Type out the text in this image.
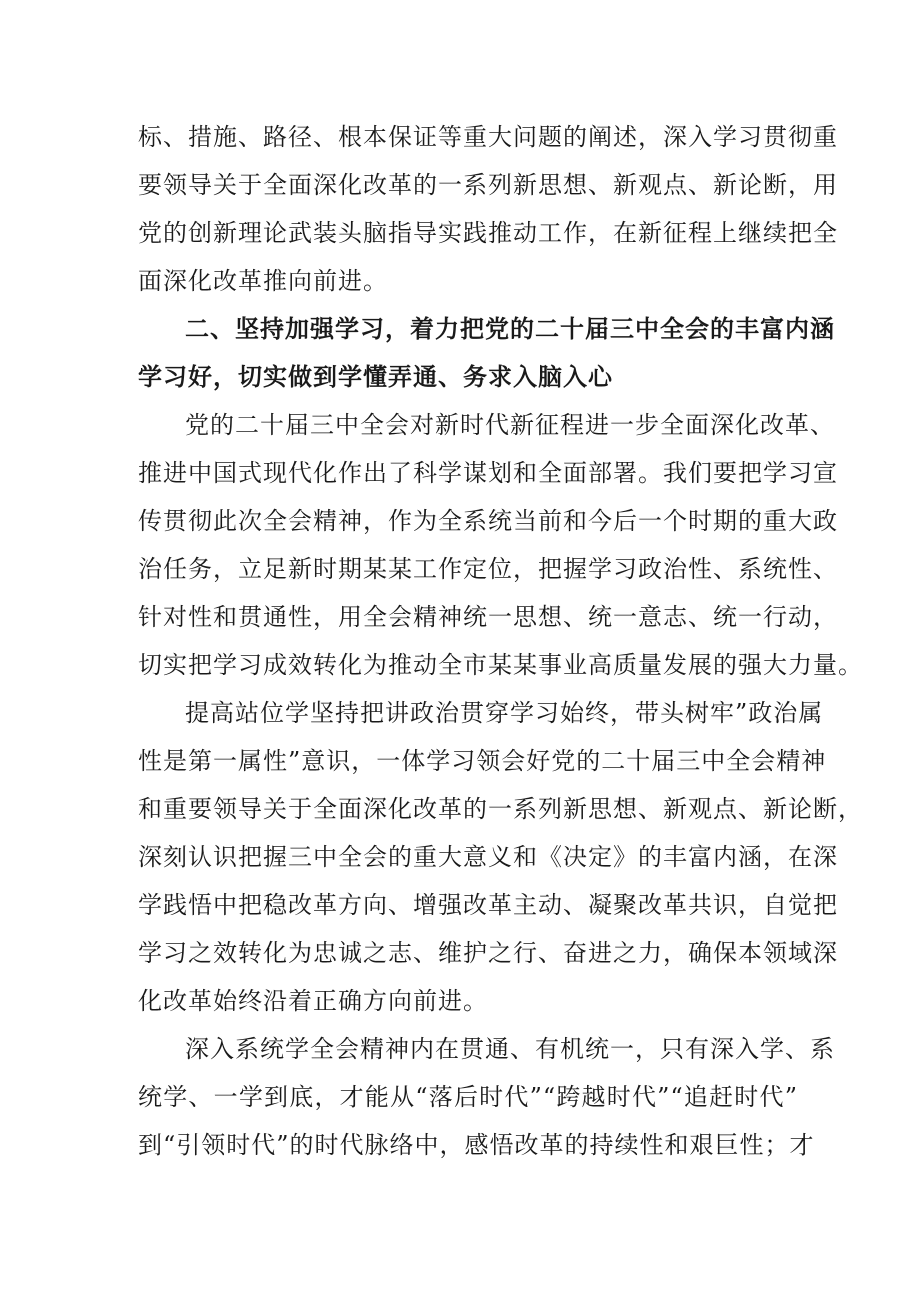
标、措施、路径、根本保证等重大问题的阐述，深入学习贯彻重
要领导关于全面深化改革的一系列新思想、新观点、新论断，用
党的创新理论武装头脑指导实践推动工作，在新征程上继续把全
面深化改革推向前进。
二、坚持加强学习，着力把党的二十届三中全会的丰富内涵
学习好，切实做到学懂弄通、务求入脑入心
党的二十届三中全会对新时代新征程进一步全面深化改革、
推进中国式现代化作出了科学谋划和全面部署。我们要把学习宣
传贯彻此次全会精神，作为全系统当前和今后一个时期的重大政
治任务，立足新时期某某工作定位，把握学习政治性、系统性、
针对性和贯通性，用全会精神统一思想、统一意志、统一行动，
切实把学习成效转化为推动全市某某事业高质量发展的强大力量。
提高站位学坚持把讲政治贯穿学习始终，带头树牢”政治属
性是第一属性”意识，一体学习领会好党的二十届三中全会精神
和重要领导关于全面深化改革的一系列新思想、新观点、新论断，
深刻认识把握三中全会的重大意义和《决定》的丰富内涵，在深
学践悟中把稳改革方向、增强改革主动、凝聚改革共识，自觉把
学习之效转化为忠诚之志、维护之行、奋进之力，确保本领域深
化改革始终沿着正确方向前进。
深入系统学全会精神内在贯通、有机统一，只有深入学、系
统学、一学到底，才能从“落后时代”“跨越时代”“追赶时代”
到“引领时代”的时代脉络中，感悟改革的持续性和艰巨性；才
